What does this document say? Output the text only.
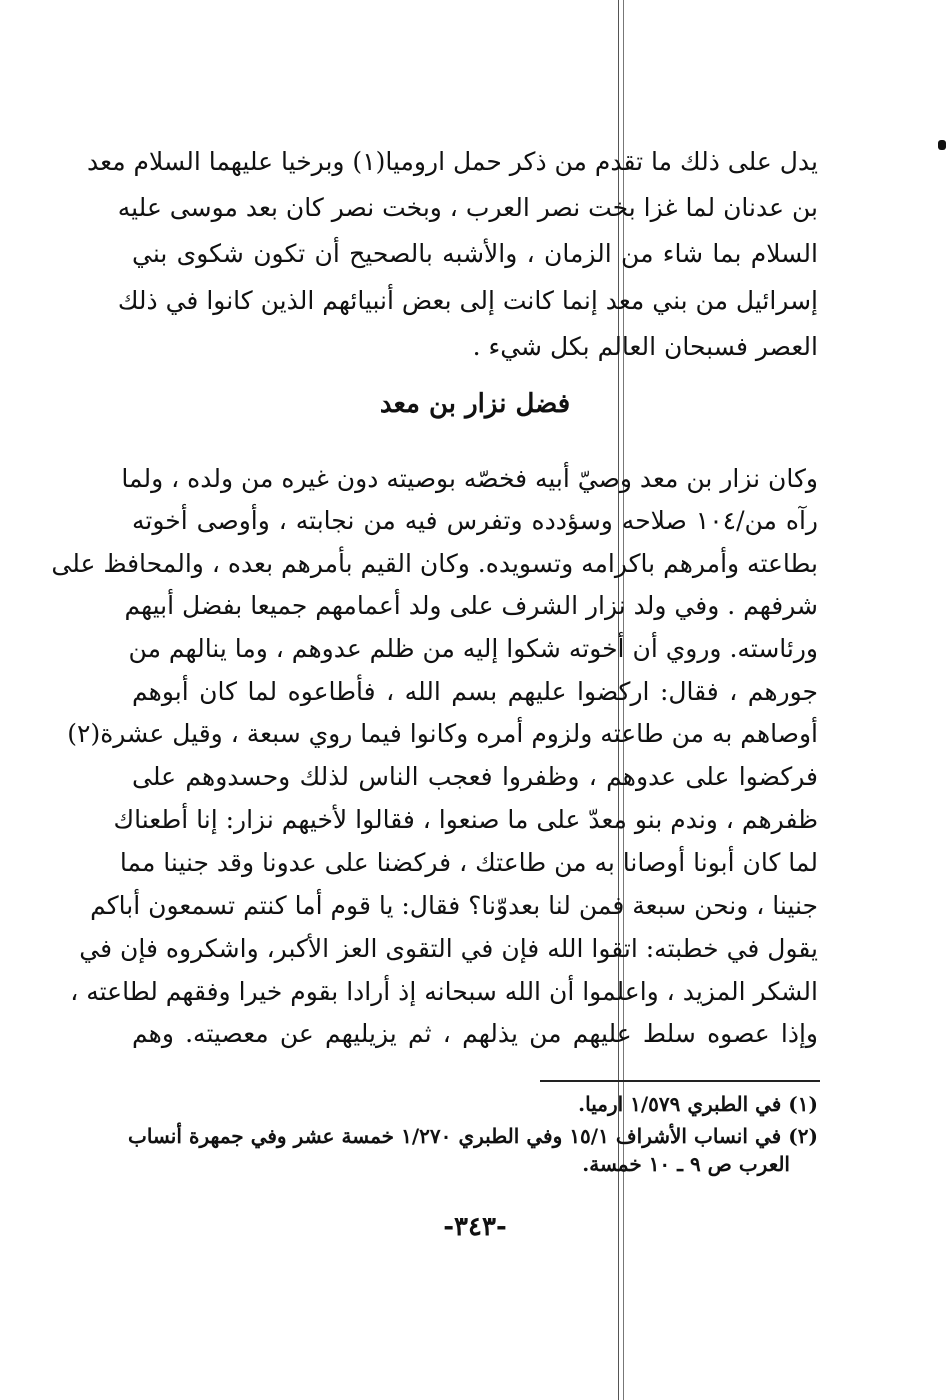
يدل على ذلك ما تقدم من ذكر حمل اروميا(١) وبرخيا عليهما السلام معد
بن عدنان لما غزا بخت نصر العرب ، وبخت نصر كان بعد موسى عليه
السلام بما شاء من الزمان ، والأشبه بالصحيح أن تكون شكوى بني
إسرائيل من بني معد إنما كانت إلى بعض أنبيائهم الذين كانوا في ذلك
العصر فسبحان العالم بكل شيء .
فضل نزار بن معد
وكان نزار بن معد وصيّ أبيه فخصّه بوصيته دون غيره من ولده ، ولما
رآه من/١٠٤ صلاحه وسؤدده وتفرس فيه من نجابته ، وأوصى أخوته
بطاعته وأمرهم باكرامه وتسويده. وكان القيم بأمرهم بعده ، والمحافظ على
شرفهم . وفي ولد نزار الشرف على ولد أعمامهم جميعا بفضل أبيهم
ورئاسته. وروي أن أخوته شكوا إليه من ظلم عدوهم ، وما ينالهم من
جورهم ، فقال: اركضوا عليهم بسم الله ، فأطاعوه لما كان أبوهم
أوصاهم به من طاعته ولزوم أمره وكانوا فيما روي سبعة ، وقيل عشرة(٢)
فركضوا على عدوهم ، وظفروا فعجب الناس لذلك وحسدوهم على
ظفرهم ، وندم بنو معدّ على ما صنعوا ، فقالوا لأخيهم نزار: إنا أطعناك
لما كان أبونا أوصانا به من طاعتك ، فركضنا على عدونا وقد جنينا مما
جنينا ، ونحن سبعة فمن لنا بعدوّنا؟ فقال: يا قوم أما كنتم تسمعون أباكم
يقول في خطبته: اتقوا الله فإن في التقوى العز الأكبر، واشكروه فإن في
الشكر المزيد ، واعلموا أن الله سبحانه إذ أرادا بقوم خيرا وفقهم لطاعته ،
وإذا عصوه سلط عليهم من يذلهم ، ثم يزيليهم عن معصيته. وهم
(١) في الطبري ١/٥٧٩ ارميا.
(٢) في انساب الأشراف ١٥/١ وفي الطبري ١/٢٧٠ خمسة عشر وفي جمهرة أنساب
العرب ص ٩ ـ ١٠ خمسة.
-٣٤٣-
